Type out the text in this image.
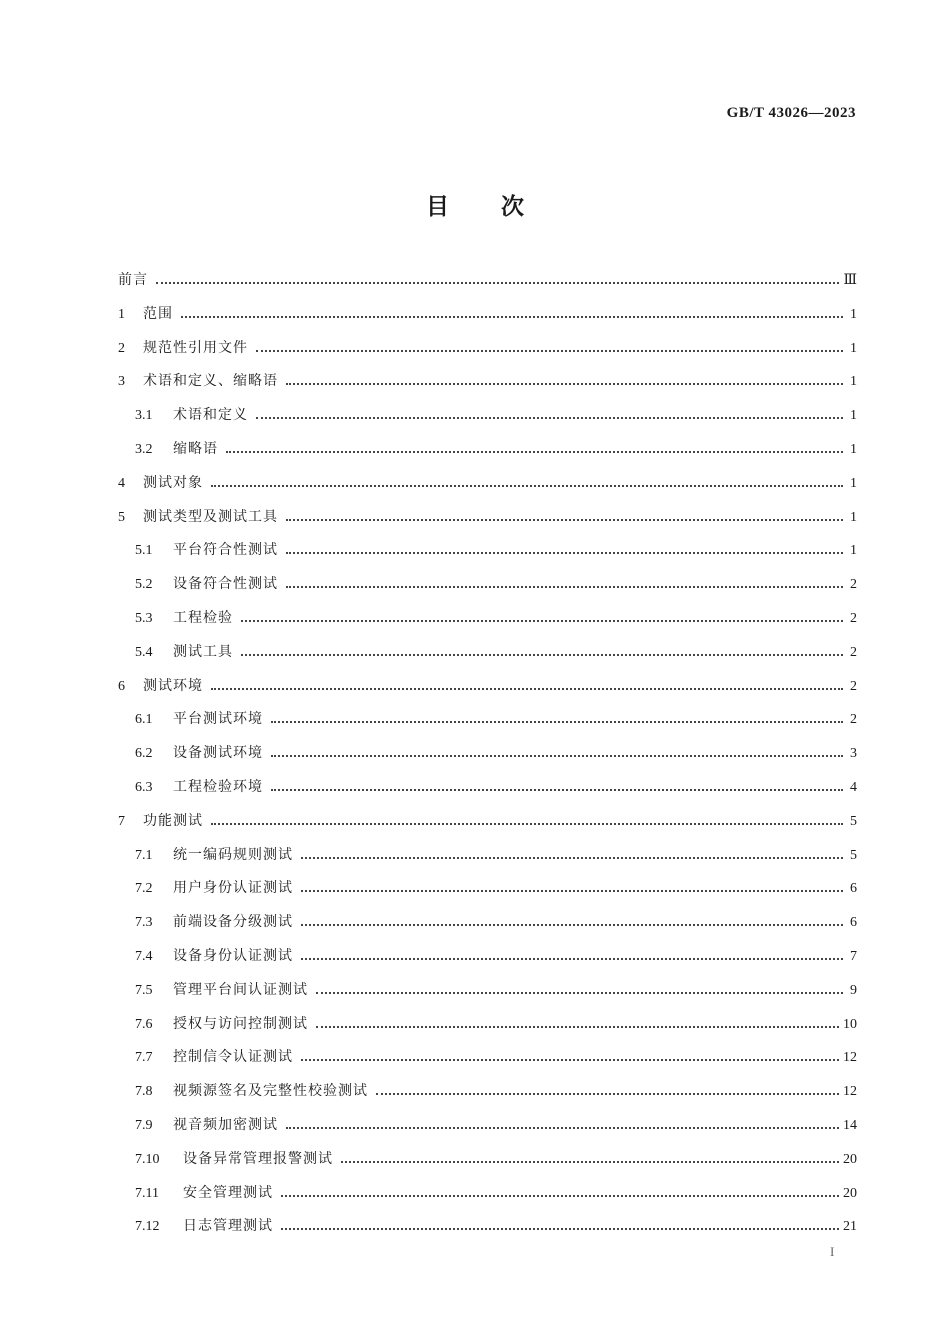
GB/T 43026—2023
目次
前言	Ⅲ
1	范围	1
2	规范性引用文件	1
3	术语和定义、缩略语	1
3.1	术语和定义	1
3.2	缩略语	1
4	测试对象	1
5	测试类型及测试工具	1
5.1	平台符合性测试	1
5.2	设备符合性测试	2
5.3	工程检验	2
5.4	测试工具	2
6	测试环境	2
6.1	平台测试环境	2
6.2	设备测试环境	3
6.3	工程检验环境	4
7	功能测试	5
7.1	统一编码规则测试	5
7.2	用户身份认证测试	6
7.3	前端设备分级测试	6
7.4	设备身份认证测试	7
7.5	管理平台间认证测试	9
7.6	授权与访问控制测试	10
7.7	控制信令认证测试	12
7.8	视频源签名及完整性校验测试	12
7.9	视音频加密测试	14
7.10	设备异常管理报警测试	20
7.11	安全管理测试	20
7.12	日志管理测试	21
I
